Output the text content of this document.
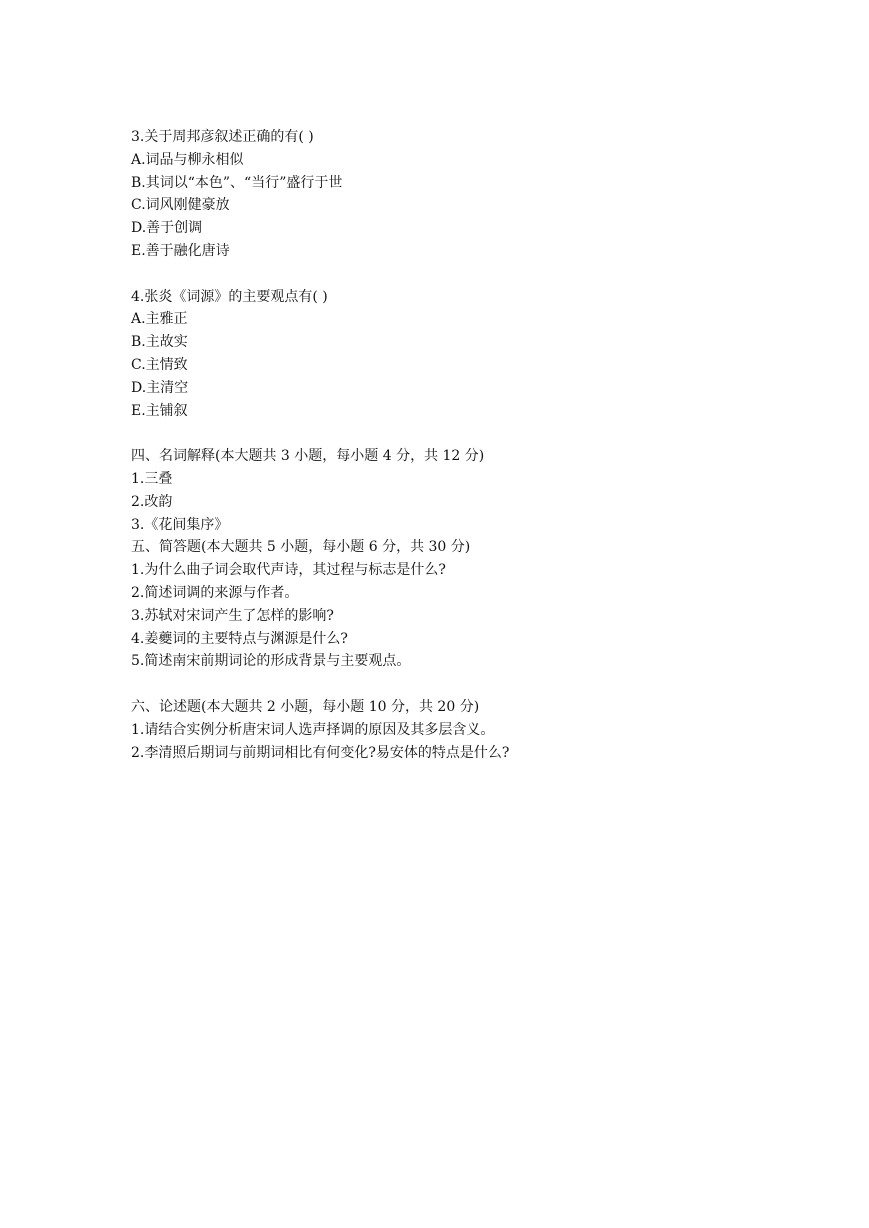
3.关于周邦彦叙述正确的有( )
A.词品与柳永相似
B.其词以“本色”、“当行”盛行于世
C.词风刚健豪放
D.善于创调
E.善于融化唐诗
4.张炎《词源》的主要观点有( )
A.主雅正
B.主故实
C.主情致
D.主清空
E.主铺叙
四、名词解释(本大题共 3 小题，每小题 4 分，共 12 分)
1.三叠
2.改韵
3.《花间集序》
五、简答题(本大题共 5 小题，每小题 6 分，共 30 分)
1.为什么曲子词会取代声诗，其过程与标志是什么?
2.简述词调的来源与作者。
3.苏轼对宋词产生了怎样的影响?
4.姜夔词的主要特点与渊源是什么?
5.简述南宋前期词论的形成背景与主要观点。
六、论述题(本大题共 2 小题，每小题 10 分，共 20 分)
1.请结合实例分析唐宋词人选声择调的原因及其多层含义。
2.李清照后期词与前期词相比有何变化?易安体的特点是什么?
